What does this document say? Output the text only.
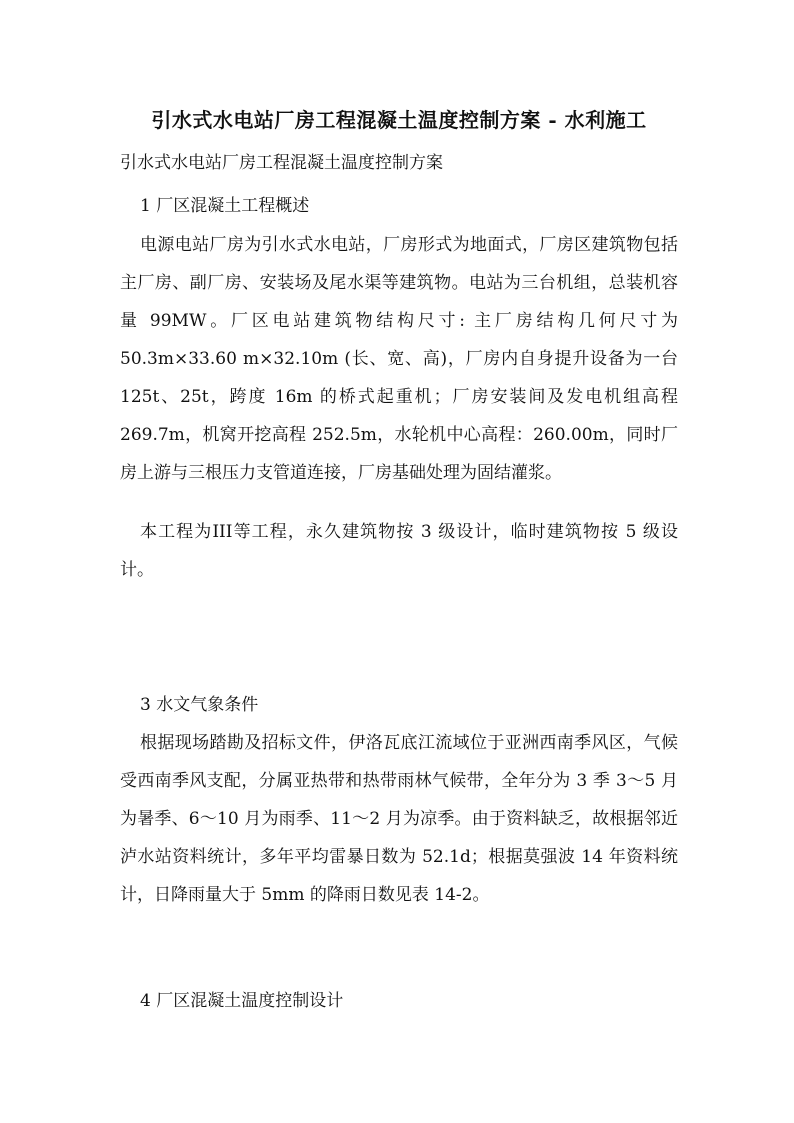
引水式水电站厂房工程混凝土温度控制方案 - 水利施工
引水式水电站厂房工程混凝土温度控制方案
1 厂区混凝土工程概述

电源电站厂房为引水式水电站，厂房形式为地面式，厂房区建筑物包括主厂房、副厂房、安装场及尾水渠等建筑物。电站为三台机组，总装机容量 99MW。厂区电站建筑物结构尺寸: 主厂房结构几何尺寸为 50.3m×33.60 m×32.10m (长、宽、高)，厂房内自身提升设备为一台 125t、25t，跨度 16m 的桥式起重机；厂房安装间及发电机组高程 269.7m，机窝开挖高程 252.5m，水轮机中心高程：260.00m，同时厂房上游与三根压力支管道连接，厂房基础处理为固结灌浆。

本工程为III等工程，永久建筑物按 3 级设计，临时建筑物按 5 级设计。

3 水文气象条件

根据现场踏勘及招标文件，伊洛瓦底江流域位于亚洲西南季风区，气候受西南季风支配，分属亚热带和热带雨林气候带，全年分为 3 季 3～5 月为暑季、6～10 月为雨季、11～2 月为凉季。由于资料缺乏，故根据邻近泸水站资料统计，多年平均雷暴日数为 52.1d；根据莫强波 14 年资料统计，日降雨量大于 5mm 的降雨日数见表 14-2。

4 厂区混凝土温度控制设计
